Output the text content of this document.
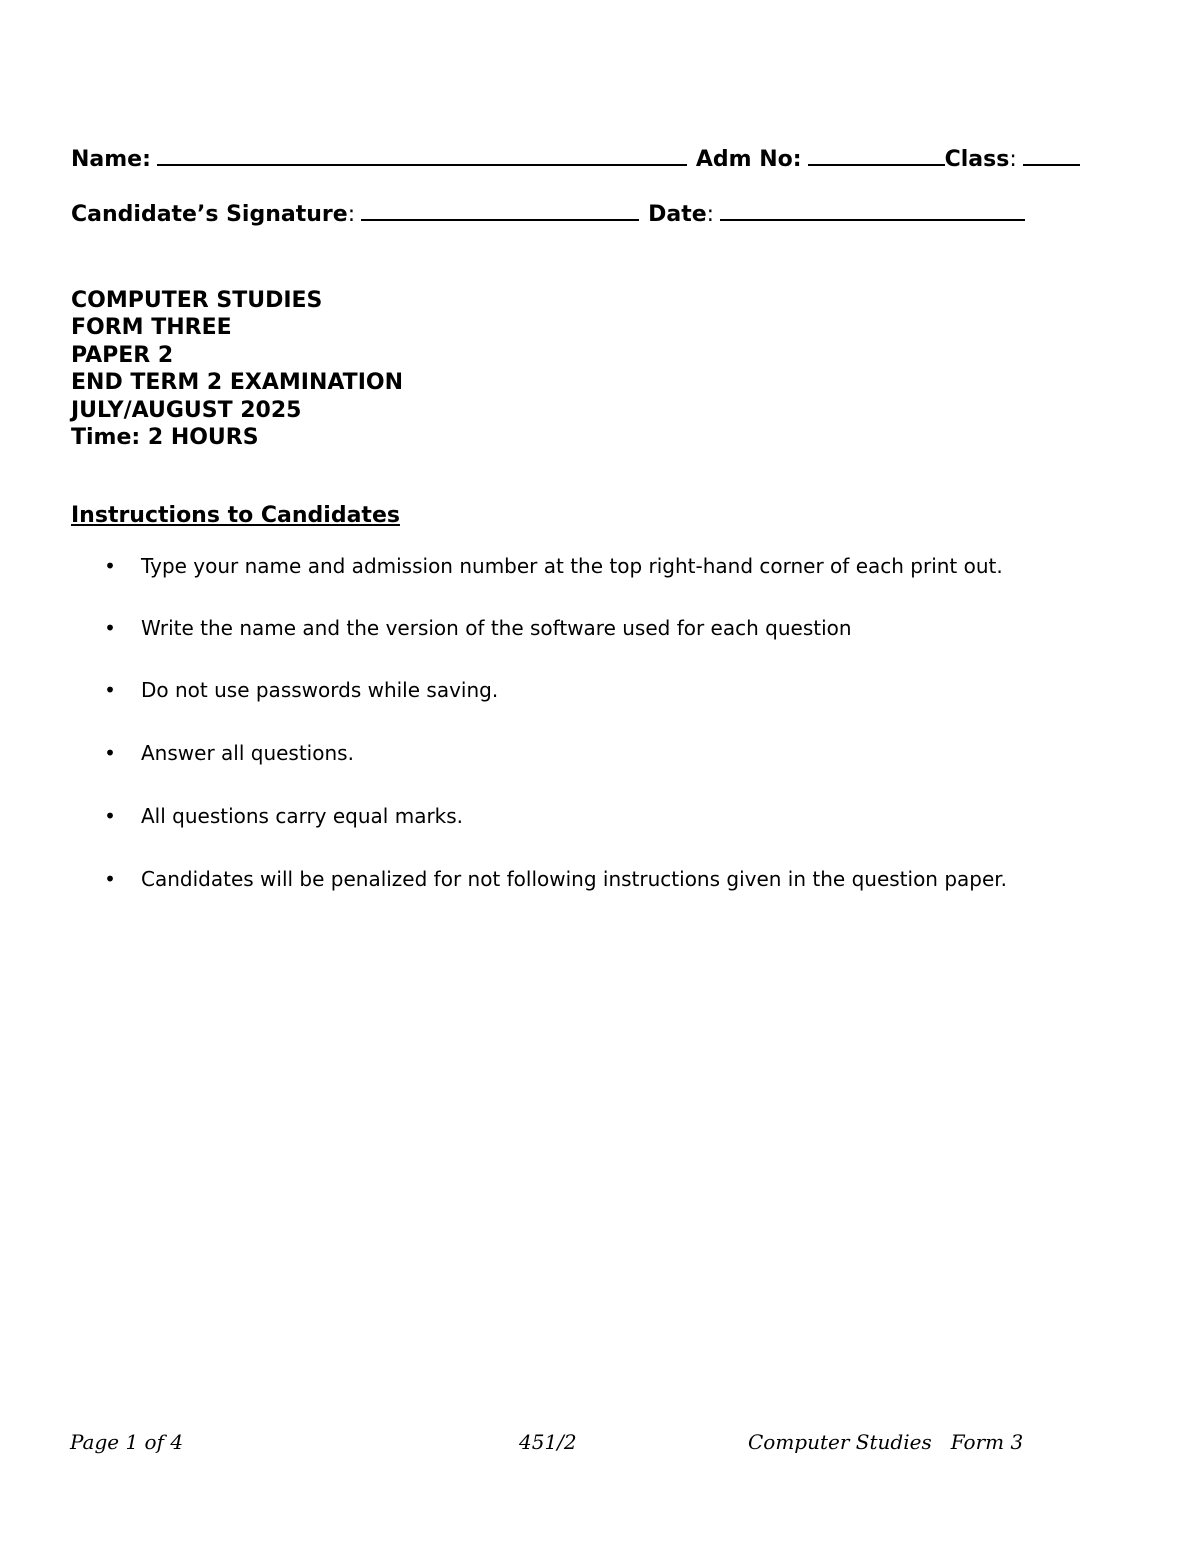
Name:	Adm No:	Class:
Candidate’s Signature:	Date:
COMPUTER STUDIES
FORM THREE
PAPER 2
END TERM 2 EXAMINATION
JULY/AUGUST 2025
Time: 2 HOURS
Instructions to Candidates
• Type your name and admission number at the top right-hand corner of each print out.
• Write the name and the version of the software used for each question
• Do not use passwords while saving.
• Answer all questions.
• All questions carry equal marks.
• Candidates will be penalized for not following instructions given in the question paper.
Page 1 of 4	451/2	Computer Studies   Form 3
